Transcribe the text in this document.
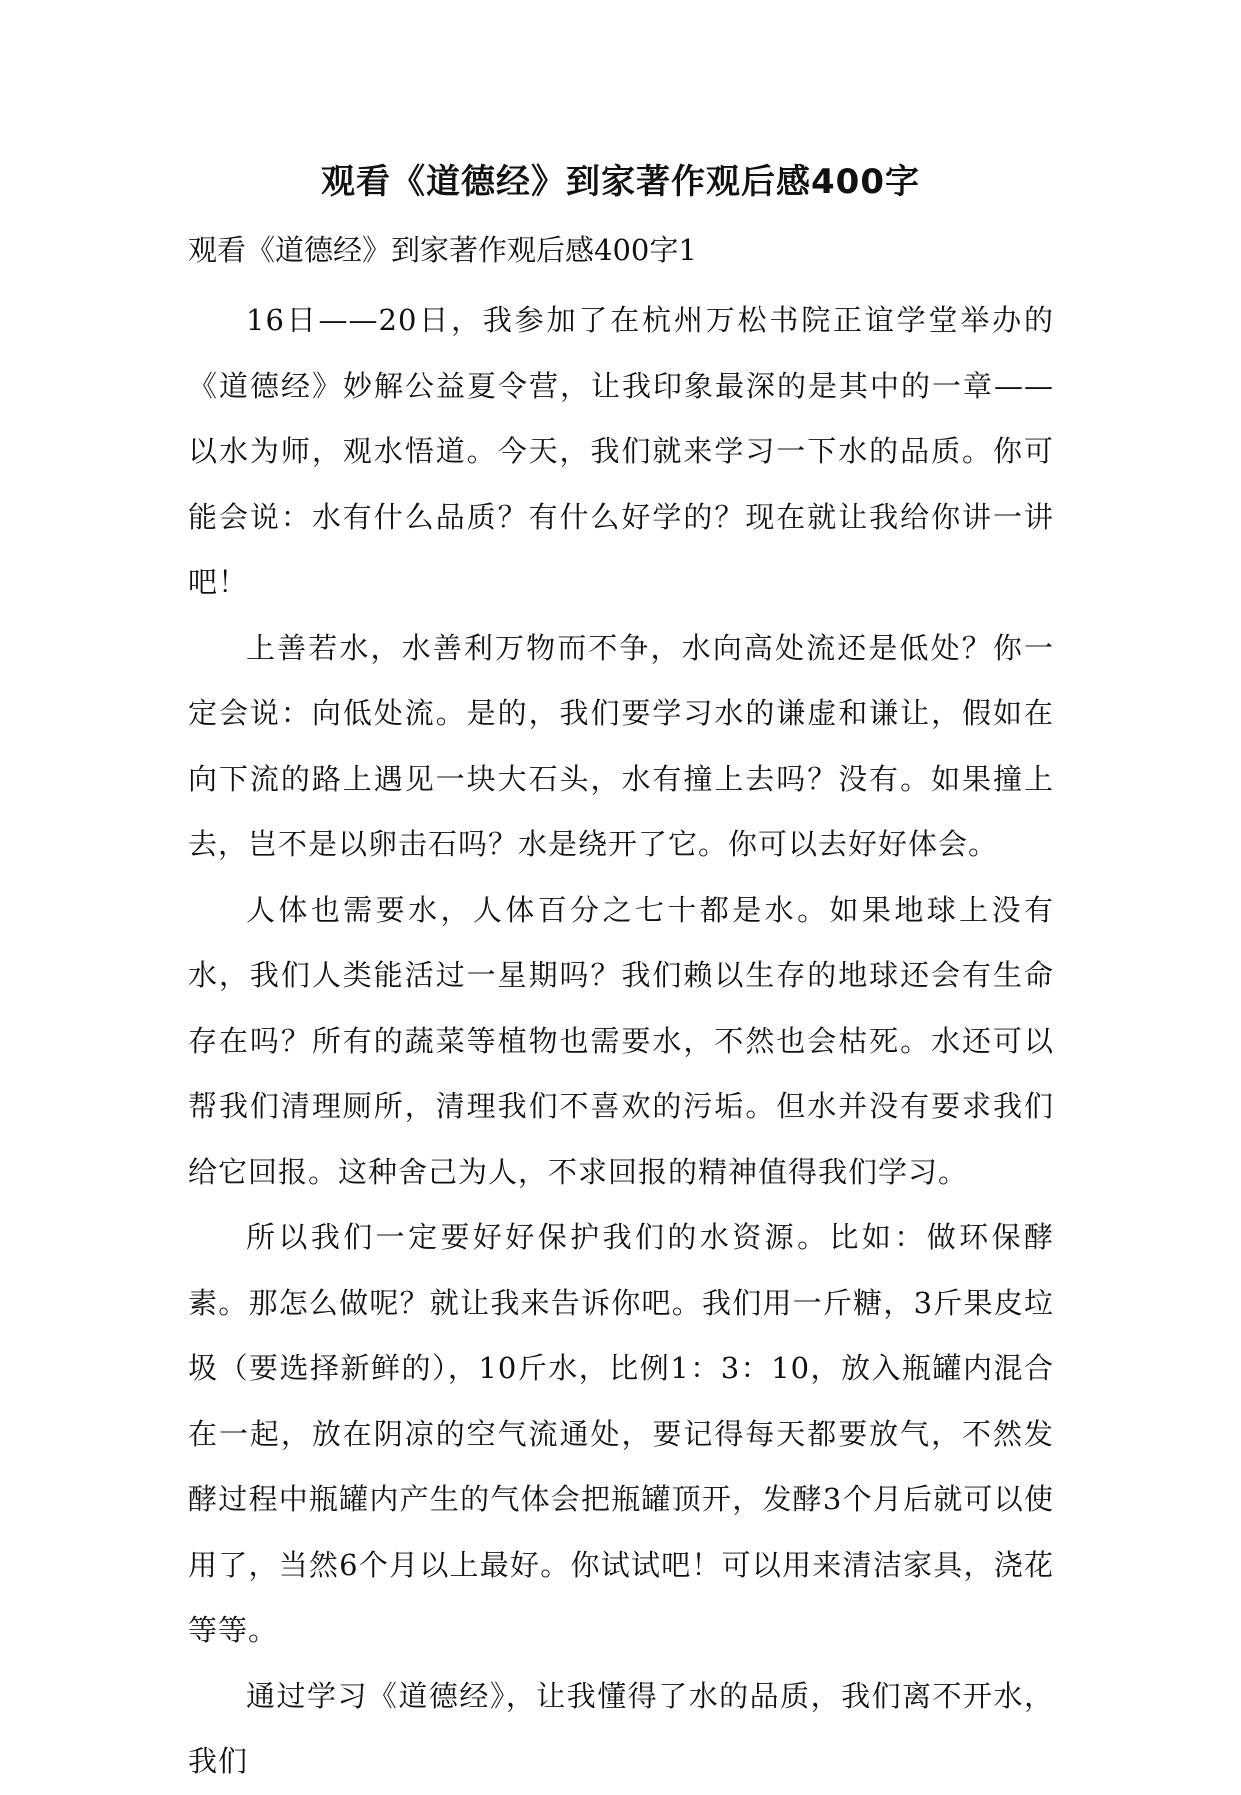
观看《道德经》到家著作观后感400字

观看《道德经》到家著作观后感400字1

16日——20日，我参加了在杭州万松书院正谊学堂举办的《道德经》妙解公益夏令营，让我印象最深的是其中的一章——以水为师，观水悟道。今天，我们就来学习一下水的品质。你可能会说：水有什么品质？有什么好学的？现在就让我给你讲一讲吧！

上善若水，水善利万物而不争，水向高处流还是低处？你一定会说：向低处流。是的，我们要学习水的谦虚和谦让，假如在向下流的路上遇见一块大石头，水有撞上去吗？没有。如果撞上去，岂不是以卵击石吗？水是绕开了它。你可以去好好体会。

人体也需要水，人体百分之七十都是水。如果地球上没有水，我们人类能活过一星期吗？我们赖以生存的地球还会有生命存在吗？所有的蔬菜等植物也需要水，不然也会枯死。水还可以帮我们清理厕所，清理我们不喜欢的污垢。但水并没有要求我们给它回报。这种舍己为人，不求回报的精神值得我们学习。

所以我们一定要好好保护我们的水资源。比如：做环保酵素。那怎么做呢？就让我来告诉你吧。我们用一斤糖，3斤果皮垃圾（要选择新鲜的），10斤水，比例1：3：10，放入瓶罐内混合在一起，放在阴凉的空气流通处，要记得每天都要放气，不然发酵过程中瓶罐内产生的气体会把瓶罐顶开，发酵3个月后就可以使用了，当然6个月以上最好。你试试吧！可以用来清洁家具，浇花等等。

通过学习《道德经》，让我懂得了水的品质，我们离不开水，我们
